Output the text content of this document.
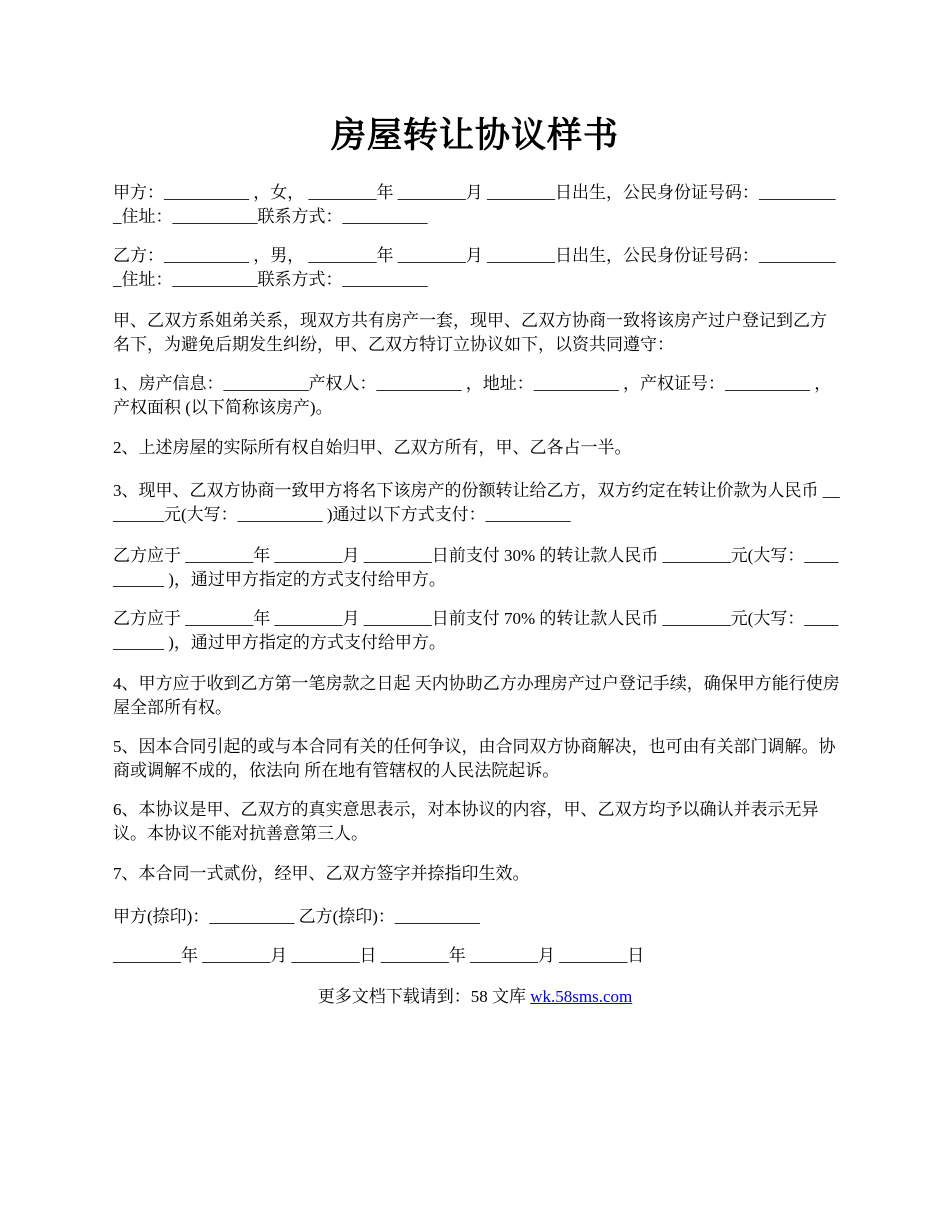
房屋转让协议样书
甲方：__________ ，女， ________年 ________月 ________日出生，公民身份证号码：__________住址：__________联系方式：__________
乙方：__________ ，男， ________年 ________月 ________日出生，公民身份证号码：__________住址：__________联系方式：__________
甲、乙双方系姐弟关系，现双方共有房产一套，现甲、乙双方协商一致将该房产过户登记到乙方名下，为避免后期发生纠纷，甲、乙双方特订立协议如下，以资共同遵守：
1、房产信息：__________产权人：__________ ，地址：__________ ，产权证号：__________ ，产权面积 (以下简称该房产)。
2、上述房屋的实际所有权自始归甲、乙双方所有，甲、乙各占一半。
3、现甲、乙双方协商一致甲方将名下该房产的份额转让给乙方，双方约定在转让价款为人民币 ________元(大写：__________ )通过以下方式支付：__________
乙方应于 ________年 ________月 ________日前支付 30% 的转让款人民币 ________元(大写：__________ )，通过甲方指定的方式支付给甲方。
乙方应于 ________年 ________月 ________日前支付 70% 的转让款人民币 ________元(大写：__________ )，通过甲方指定的方式支付给甲方。
4、甲方应于收到乙方第一笔房款之日起 天内协助乙方办理房产过户登记手续，确保甲方能行使房屋全部所有权。
5、因本合同引起的或与本合同有关的任何争议，由合同双方协商解决，也可由有关部门调解。协商或调解不成的，依法向 所在地有管辖权的人民法院起诉。
6、本协议是甲、乙双方的真实意思表示，对本协议的内容，甲、乙双方均予以确认并表示无异议。本协议不能对抗善意第三人。
7、本合同一式贰份，经甲、乙双方签字并捺指印生效。
甲方(捺印)：__________ 乙方(捺印)：__________
________年 ________月 ________日 ________年 ________月 ________日
更多文档下载请到：58 文库 wk.58sms.com
